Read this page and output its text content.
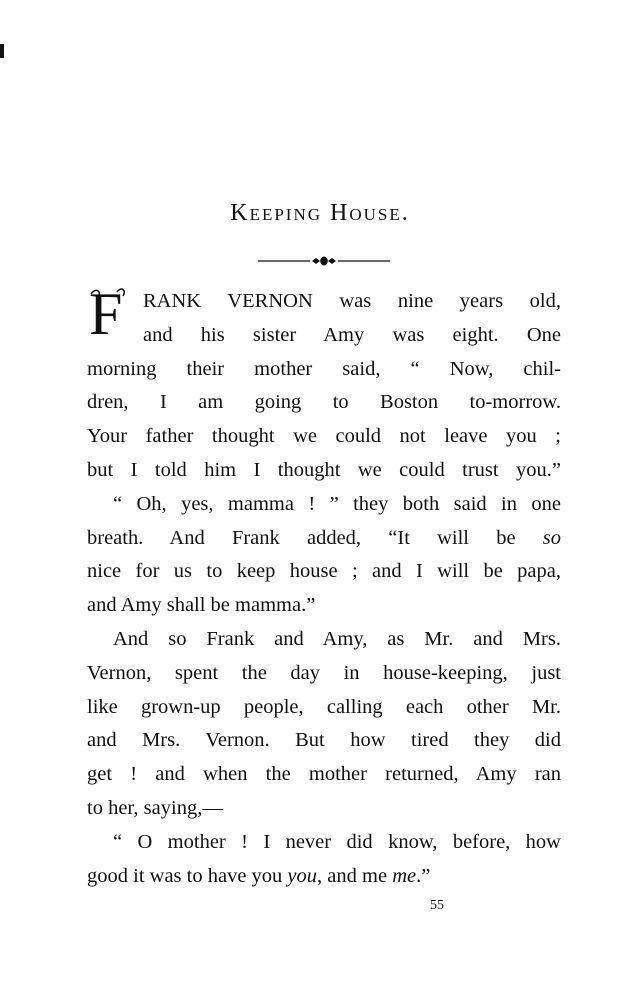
Keeping House.
F	RANK VERNON was nine years old,
and his sister Amy was eight. One
morning their mother said, “ Now, chil-
dren, I am going to Boston to-morrow.
Your father thought we could not leave you ;
but I told him I thought we could trust you.”

“ Oh, yes, mamma ! ” they both said in one
breath. And Frank added, “It will be so
nice for us to keep house ; and I will be papa,
and Amy shall be mamma.”

And so Frank and Amy, as Mr. and Mrs.
Vernon, spent the day in house-keeping, just
like grown-up people, calling each other Mr.
and Mrs. Vernon. But how tired they did
get ! and when the mother returned, Amy ran
to her, saying,—

“ O mother ! I never did know, before, how
good it was to have you you, and me me.”

55
